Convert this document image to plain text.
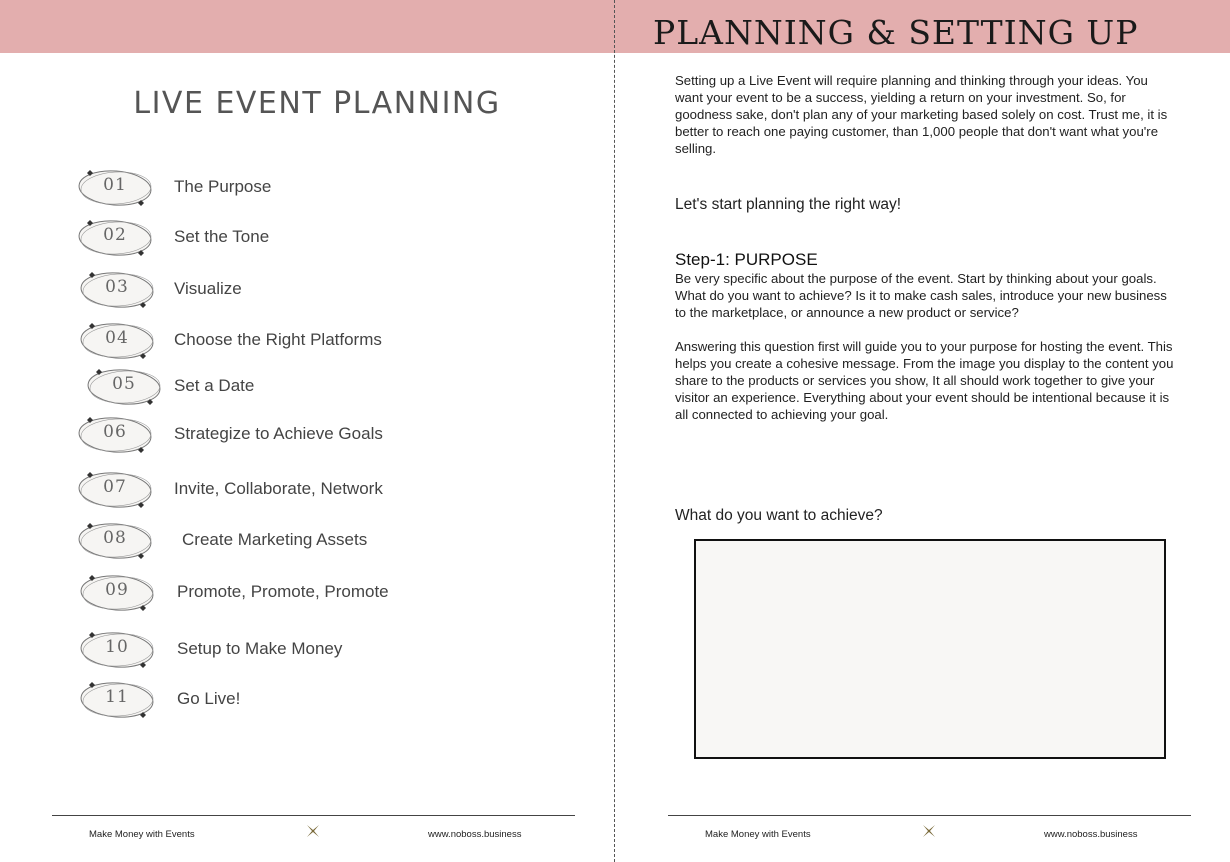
LIVE EVENT PLANNING
01	The Purpose
02	Set the Tone
03	Visualize
04	Choose the Right Platforms
05	Set a Date
06	Strategize to Achieve Goals
07	Invite, Collaborate, Network
08	Create Marketing Assets
09	Promote, Promote, Promote
10	Setup to Make Money
11	Go Live!
Make Money with Events	www.noboss.business
PLANNING & SETTING UP

Setting up a Live Event will require planning and thinking through your ideas. You want your event to be a success, yielding a return on your investment. So, for goodness sake, don't plan any of your marketing based solely on cost. Trust me, it is better to reach one paying customer, than 1,000 people that don't want what you're selling.

Let's start planning the right way!

Step-1: PURPOSE

Be very specific about the purpose of the event. Start by thinking about your goals. What do you want to achieve? Is it to make cash sales, introduce your new business to the marketplace, or announce a new product or service?

Answering this question first will guide you to your purpose for hosting the event. This helps you create a cohesive message. From the image you display to the content you share to the products or services you show, It all should work together to give your visitor an experience. Everything about your event should be intentional because it is all connected to achieving your goal.

What do you want to achieve?

Make Money with Events	www.noboss.business
